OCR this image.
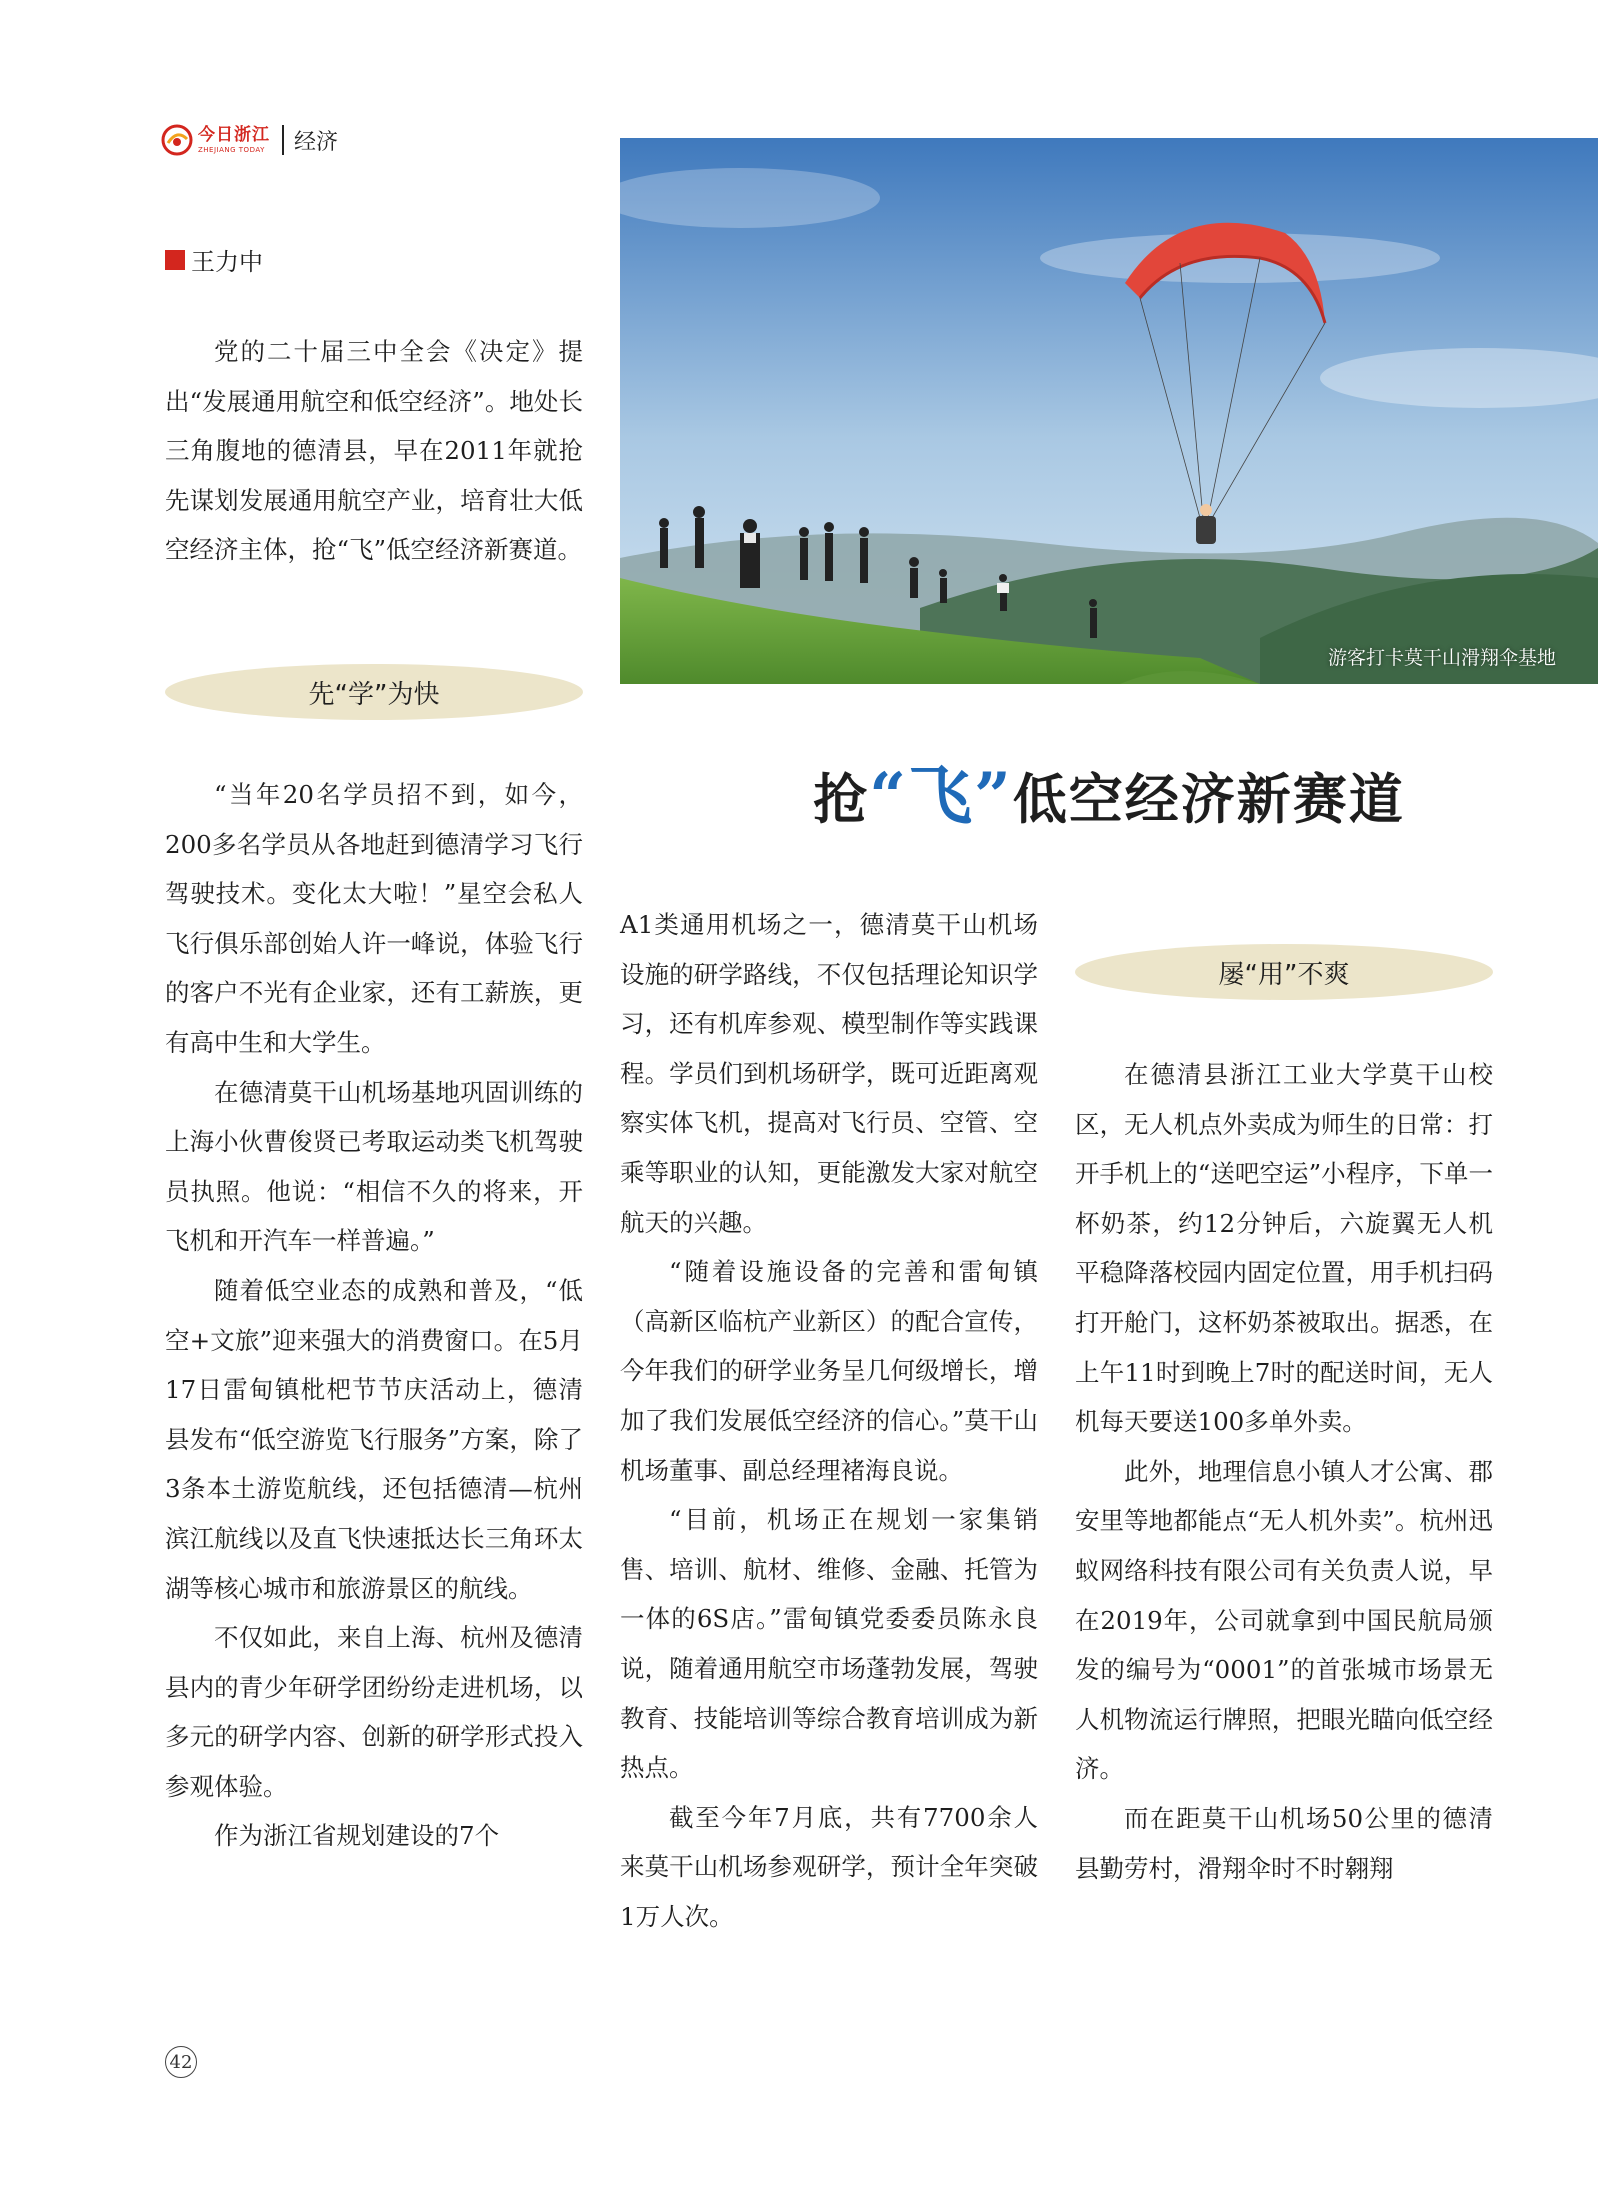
今日浙江
ZHEJIANG TODAY 经济
王力中

党的二十届三中全会《决定》提出“发展通用航空和低空经济”。地处长三角腹地的德清县，早在2011年就抢先谋划发展通用航空产业，培育壮大低空经济主体，抢“飞”低空经济新赛道。

先“学”为快

“当年20名学员招不到，如今，200多名学员从各地赶到德清学习飞行驾驶技术。变化太大啦！”星空会私人飞行俱乐部创始人许一峰说，体验飞行的客户不光有企业家，还有工薪族，更有高中生和大学生。

在德清莫干山机场基地巩固训练的上海小伙曹俊贤已考取运动类飞机驾驶员执照。他说：“相信不久的将来，开飞机和开汽车一样普遍。”

随着低空业态的成熟和普及，“低空+文旅”迎来强大的消费窗口。在5月17日雷甸镇枇杷节节庆活动上，德清县发布“低空游览飞行服务”方案，除了3条本土游览航线，还包括德清—杭州滨江航线以及直飞快速抵达长三角环太湖等核心城市和旅游景区的航线。

不仅如此，来自上海、杭州及德清县内的青少年研学团纷纷走进机场，以多元的研学内容、创新的研学形式投入参观体验。

作为浙江省规划建设的7个

游客打卡莫干山滑翔伞基地
抢“飞”低空经济新赛道

A1类通用机场之一，德清莫干山机场设施的研学路线，不仅包括理论知识学习，还有机库参观、模型制作等实践课程。学员们到机场研学，既可近距离观察实体飞机，提高对飞行员、空管、空乘等职业的认知，更能激发大家对航空航天的兴趣。

“随着设施设备的完善和雷甸镇（高新区临杭产业新区）的配合宣传，今年我们的研学业务呈几何级增长，增加了我们发展低空经济的信心。”莫干山机场董事、副总经理褚海良说。

“目前，机场正在规划一家集销售、培训、航材、维修、金融、托管为一体的6S店。”雷甸镇党委委员陈永良说，随着通用航空市场蓬勃发展，驾驶教育、技能培训等综合教育培训成为新热点。

截至今年7月底，共有7700余人来莫干山机场参观研学，预计全年突破1万人次。

屡“用”不爽

在德清县浙江工业大学莫干山校区，无人机点外卖成为师生的日常：打开手机上的“送吧空运”小程序，下单一杯奶茶，约12分钟后，六旋翼无人机平稳降落校园内固定位置，用手机扫码打开舱门，这杯奶茶被取出。据悉，在上午11时到晚上7时的配送时间，无人机每天要送100多单外卖。

此外，地理信息小镇人才公寓、郡安里等地都能点“无人机外卖”。杭州迅蚁网络科技有限公司有关负责人说，早在2019年，公司就拿到中国民航局颁发的编号为“0001”的首张城市场景无人机物流运行牌照，把眼光瞄向低空经济。

而在距莫干山机场50公里的德清县勤劳村，滑翔伞时不时翱翔

42
